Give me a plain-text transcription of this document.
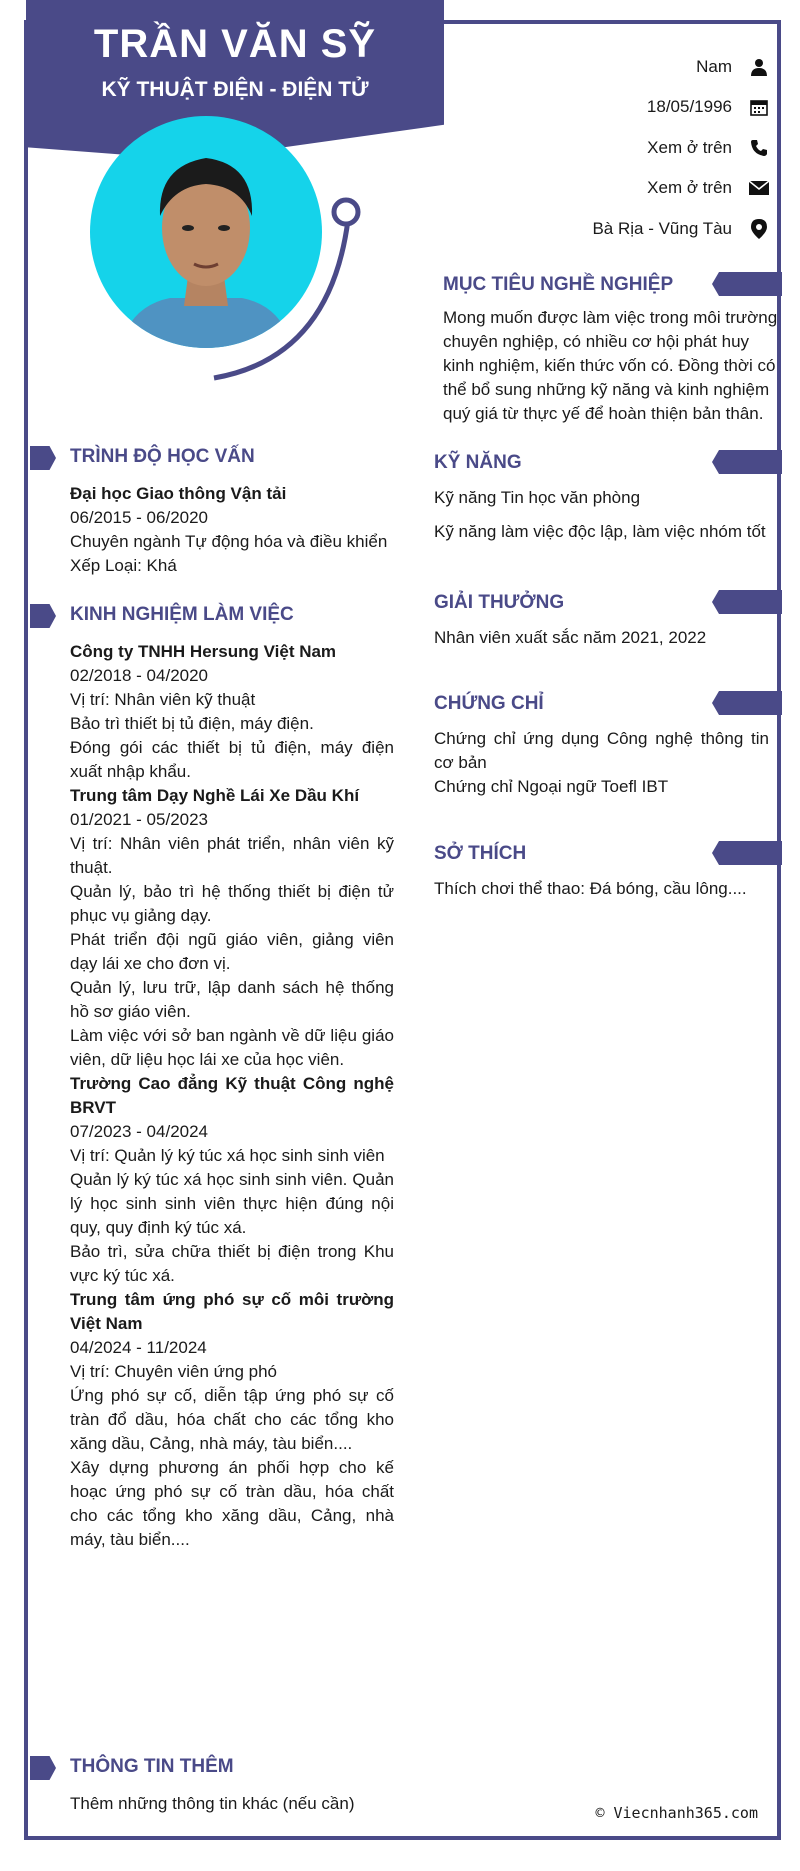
TRẦN VĂN SỸ
KỸ THUẬT ĐIỆN - ĐIỆN TỬ
Nam
18/05/1996
Xem ở trên
Xem ở trên
Bà Rịa - Vũng Tàu
MỤC TIÊU NGHỀ NGHIỆP

Mong muốn được làm việc trong môi trường chuyên nghiệp, có nhiều cơ hội phát huy kinh nghiệm, kiến thức vốn có. Đồng thời có thể bổ sung những kỹ năng và kinh nghiệm quý giá từ thực yế để hoàn thiện bản thân.

KỸ NĂNG

Kỹ năng Tin học văn phòng

Kỹ năng làm việc độc lập, làm việc nhóm tốt

GIẢI THƯỞNG

Nhân viên xuất sắc năm 2021, 2022

CHỨNG CHỈ

Chứng chỉ ứng dụng Công nghệ thông tin cơ bản

Chứng chỉ Ngoại ngữ Toefl IBT

SỞ THÍCH

Thích chơi thể thao: Đá bóng, cầu lông....

TRÌNH ĐỘ HỌC VẤN

Đại học Giao thông Vận tải

06/2015 - 06/2020

Chuyên ngành Tự động hóa và điều khiển

Xếp Loại: Khá

KINH NGHIỆM LÀM VIỆC

Công ty TNHH Hersung Việt Nam

02/2018 - 04/2020

Vị trí: Nhân viên kỹ thuật

Bảo trì thiết bị tủ điện, máy điện.

Đóng gói các thiết bị tủ điện, máy điện xuất nhập khẩu.

Trung tâm Dạy Nghề Lái Xe Dầu Khí

01/2021 - 05/2023

Vị trí: Nhân viên phát triển, nhân viên kỹ thuật.

Quản lý, bảo trì hệ thống thiết bị điện tử phục vụ giảng dạy.

Phát triển đội ngũ giáo viên, giảng viên dạy lái xe cho đơn vị.

Quản lý, lưu trữ, lập danh sách hệ thống hồ sơ giáo viên.

Làm việc với sở ban ngành về dữ liệu giáo viên, dữ liệu học lái xe của học viên.

Trường Cao đẳng Kỹ thuật Công nghệ BRVT

07/2023 - 04/2024

Vị trí: Quản lý ký túc xá học sinh sinh viên

Quản lý ký túc xá học sinh sinh viên. Quản lý học sinh sinh viên thực hiện đúng nội quy, quy định ký túc xá.

Bảo trì, sửa chữa thiết bị điện trong Khu vực ký túc xá.

Trung tâm ứng phó sự cố môi trường Việt Nam

04/2024 - 11/2024

Vị trí: Chuyên viên ứng phó

Ứng phó sự cố, diễn tập ứng phó sự cố tràn đổ dầu, hóa chất cho các tổng kho xăng dầu, Cảng, nhà máy, tàu biển....

Xây dựng phương án phối hợp cho kế hoạc ứng phó sự cố tràn dầu, hóa chất cho các tổng kho xăng dầu, Cảng, nhà máy, tàu biển....

THÔNG TIN THÊM

Thêm những thông tin khác (nếu cần)	© Viecnhanh365.com
